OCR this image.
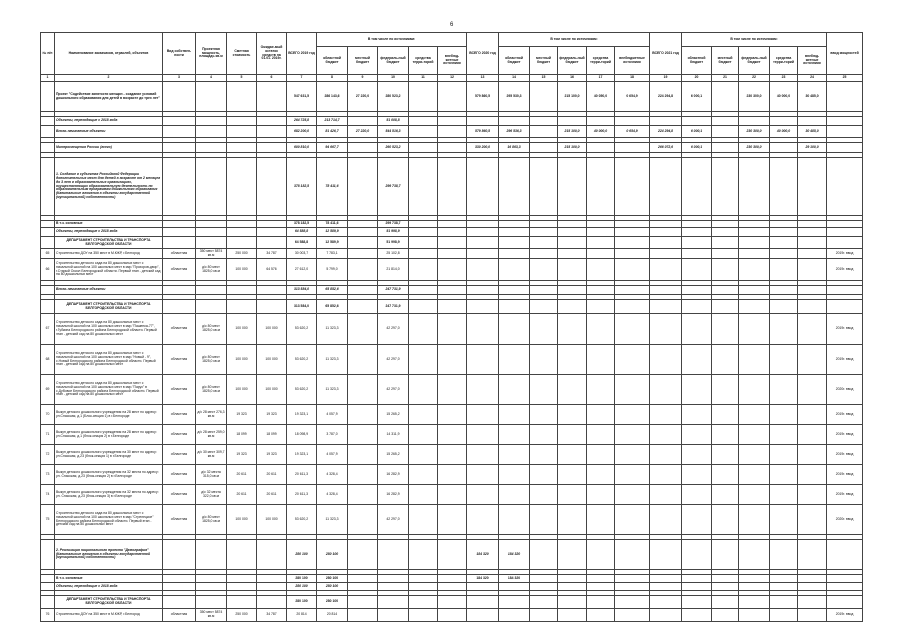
6
№ п/п	Наименование заказчиков, отраслей, объектов	Вид собствен-ности	Проектная мощность, площадь кв.м	Сметная стоимость	Ожидае-мый остаток средств на 01.01. 2019г.	ВСЕГО 2019 год	В том числе по источникам:					ВСЕГО 2020 год	В том числе по источникам:					ВСЕГО 2021 год	В том числе по источникам:					ввод мощностей
							областной бюджет	местный бюджет	федераль-ный бюджет	средства терри-торий	внебюд-жетные источники		областной бюджет	местный бюджет	федераль-ный бюджет	средства терри-торий	внебюджетные источники		областной бюджет	местный бюджет	федераль-ный бюджет	средства терри-торий	внебюд-жетные источники	
1	2	3	4	5	6	7	8	9	10	11	12	13	14	15	16	17	18	19	20	21	22	23	24	25
	Проект "Содействие занятости женщин - создание условий дошкольного образования для детей в возрасте до трех лет"					547 631,5	286 143,6	27 220,0	280 523,2			579 860,5	295 530,3		215 100,0	40 050,0	0 654,9	224 294,8	6 000,1		230 300,0	40 000,0	30 485,0	

	Объекты, переходящие с 2018 года					264 725,8	213 714,7		51 008,8															
	Вновь начинаемые объекты					682 200,0	81 426,7	27 220,0	544 516,3			579 860,5	296 536,3		215 100,0	40 000,0	0 654,9	224 294,8	6 000,1		230 300,0	40 000,0	30 485,0	

	Минпросвещения России (всего)					600 810,0	94 667,7		260 523,2			330 200,0	16 863,3		215 100,0			266 072,6	6 000,1		230 300,0		29 100,0	

	1. Создание в субъектах Российской Федерации дополнительных мест для детей в возрасте от 2 месяцев до 3 лет в образовательных организациях, осуществляющих образовательную деятельность по образовательным программам дошкольного образования (Капитальные вложения в объекты государственной (муниципальной) собственности)					378 182,5	78 411,6		299 738,7															

	В т.ч. основные					378 182,5	78 411,6		299 738,7															
	Объекты, переходящие с 2018 года					64 588,8	12 589,9		51 998,9															
	ДЕПАРТАМЕНТ СТРОИТЕЛЬСТВА И ТРАНСПОРТА БЕЛГОРОДСКОЙ ОБЛАСТИ					64 588,8	12 589,9		51 998,9															
65	Строительство ДОУ на 350 мест в М.КЖР, г.Белгород	областная	350 мест 5874 кв.м	250 000	34 787	30 003,7	7 783,1		25 102,8															2019г. ввод
66	Строительство детского сада на 80 дошкольных мест с начальной школой на 100 школьных мест в мкр."Прохоров-двор", г.Старый Оскол Белгородской области. Первый этап - детский сад на 80 дошкольных мест	областная	д/с 80 мест 1825,0 кв.м	100 000	64 576	27 612,0	5 799,0		21 814,0															2019г. ввод

	Вновь начинаемые объекты					313 584,0	65 852,6		247 731,9															

	ДЕПАРТАМЕНТ СТРОИТЕЛЬСТВА И ТРАНСПОРТА БЕЛГОРОДСКОЙ ОБЛАСТИ					313 584,0	65 852,6		247 731,9															
67	Строительство детского сада на 80 дошкольных мест с начальной школой на 100 школьных мест в мкр."Пашенка-77", г.Губкина Белгородского района Белгородской области. Первый этап - детский сад на 80 дошкольных мест	областная	д/с 80 мест 1825,0 кв.м	100 000	100 000	53 620,2	11 323,3		42 297,0															2019г. ввод
68	Строительство детского сада на 80 дошкольных мест с начальной школой на 100 школьных мест в мкр."Новый - 9", с.Новый Белгородского района Белгородской области. Первый этап - детский сад на 80 дошкольных мест	областная	д/с 80 мест 1825,0 кв.м	100 000	100 000	53 620,2	11 323,3		42 297,0															2019г. ввод
69	Строительство детского сада на 80 дошкольных мест с начальной школой на 100 школьных мест в мкр."Парус" в с.Дубовое Белгородского района Белгородской области. Первый этап - детский сад на 80 дошкольных мест	областная	д/с 80 мест 1825,0 кв.м	100 000	100 000	53 620,2	11 323,3		42 297,0															2020г. ввод
70	Выкуп детского дошкольного учреждения на 28 мест по адресу: ул.Спасская, д.1 (Блок-секция 1) в г.Белгороде	областная	д/с 28 мест 276,3 кв.м	19 323	19 323	19 323,1	4 057,9		15 265,2															2019г. ввод
71	Выкуп детского дошкольного учреждения на 28 мест по адресу: ул.Спасская, д.1 (блок-секция 2) в г.Белгороде	областная	д/с 28 мест 259,0 кв.м	18 099	18 099	18 098,9	3 787,0		14 311,9															2019г. ввод
72	Выкуп детского дошкольного учреждения на 30 мест по адресу: ул.Спасская, д.23 (блок-секция 1) в г.Белгороде	областная	д/с 30 мест 309,7 кв.м	19 323	19 323	19 323,1	4 057,9		15 265,2															2019г. ввод
73	Выкуп детского дошкольного учреждения на 32 места по адресу: ул. Спасская, д.23 (блок-секция 2) в г.Белгороде	областная	д/с 32 места 315,0 кв.м	20 611	20 611	20 611,3	4 328,4		16 282,9															2019г. ввод
74	Выкуп детского дошкольного учреждения на 32 места по адресу: ул. Спасская, д.23 (блок-секция 3) в г.Белгороде	областная	д/с 32 места 322,0 кв.м	20 611	20 611	20 611,3	4 328,4		16 282,9															2019г. ввод
75	Строительство детского сада на 80 дошкольных мест с начальной школой на 100 школьных мест в мкр."Стрелецкое" Белгородского района Белгородской области. Первый этап - детский сад на 80 дошкольных мест	областная	д/с 80 мест 1825,0 кв.м	100 000	100 000	53 620,2	11 323,3		42 297,0															2020г. ввод

	2. Реализация национального проекта "Демография" (Капитальные вложения в объекты государственной (муниципальной) собственности)					280 100	280 100					184 320	184 320											

	В т.ч. основные					280 100	280 100					184 320	184 320											
	Объекты, переходящие с 2018 года					280 100	280 100																	

	ДЕПАРТАМЕНТ СТРОИТЕЛЬСТВА И ТРАНСПОРТА БЕЛГОРОДСКОЙ ОБЛАСТИ					280 100	280 100																	
76	Строительство ДОУ на 350 мест в М.КЖР, г.Белгород	областная	350 мест 5874 кв.м	250 000	34 787	20 814	20 814																	2019г. ввод
